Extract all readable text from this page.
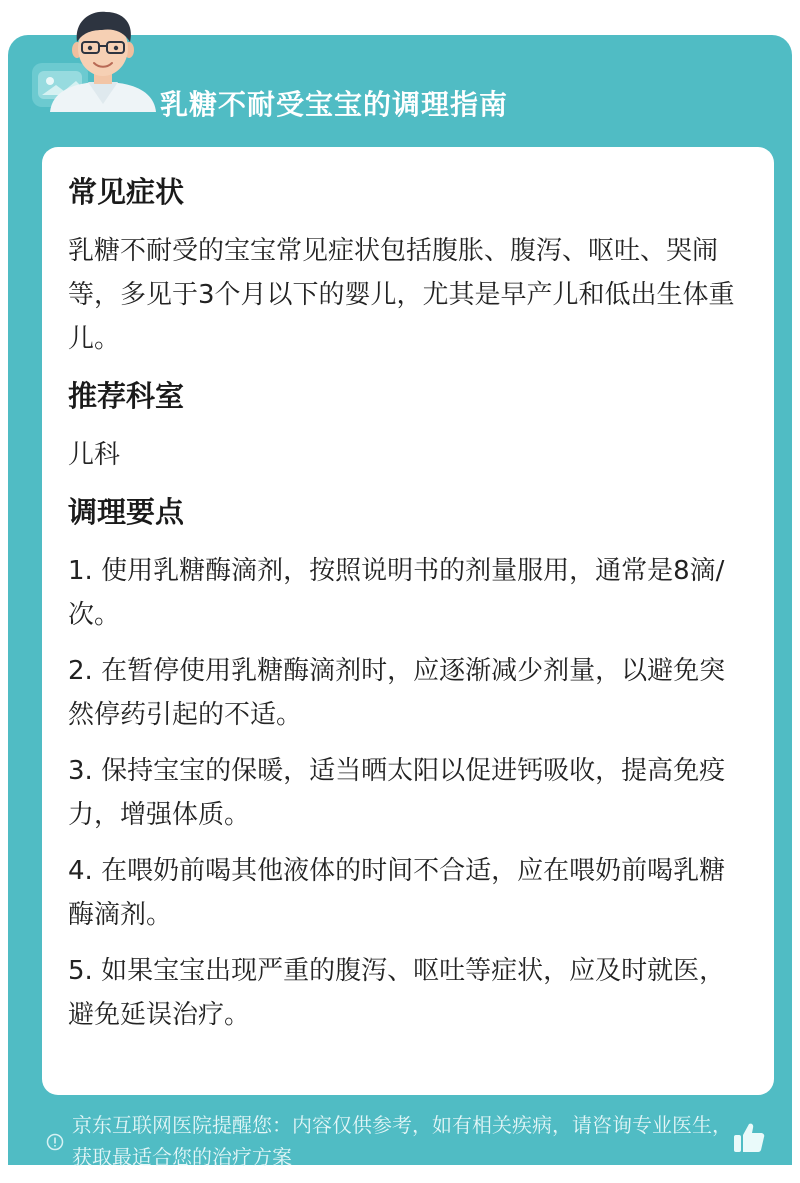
乳糖不耐受宝宝的调理指南
常见症状

乳糖不耐受的宝宝常见症状包括腹胀、腹泻、呕吐、哭闹等，多见于3个月以下的婴儿，尤其是早产儿和低出生体重儿。

推荐科室

儿科

调理要点
1. 使用乳糖酶滴剂，按照说明书的剂量服用，通常是8滴/次。
2. 在暂停使用乳糖酶滴剂时，应逐渐减少剂量，以避免突然停药引起的不适。
3. 保持宝宝的保暖，适当晒太阳以促进钙吸收，提高免疫力，增强体质。
4. 在喂奶前喝其他液体的时间不合适，应在喂奶前喝乳糖酶滴剂。
5. 如果宝宝出现严重的腹泻、呕吐等症状，应及时就医，避免延误治疗。
京东互联网医院提醒您：内容仅供参考，如有相关疾病，请咨询专业医生，获取最适合您的治疗方案
